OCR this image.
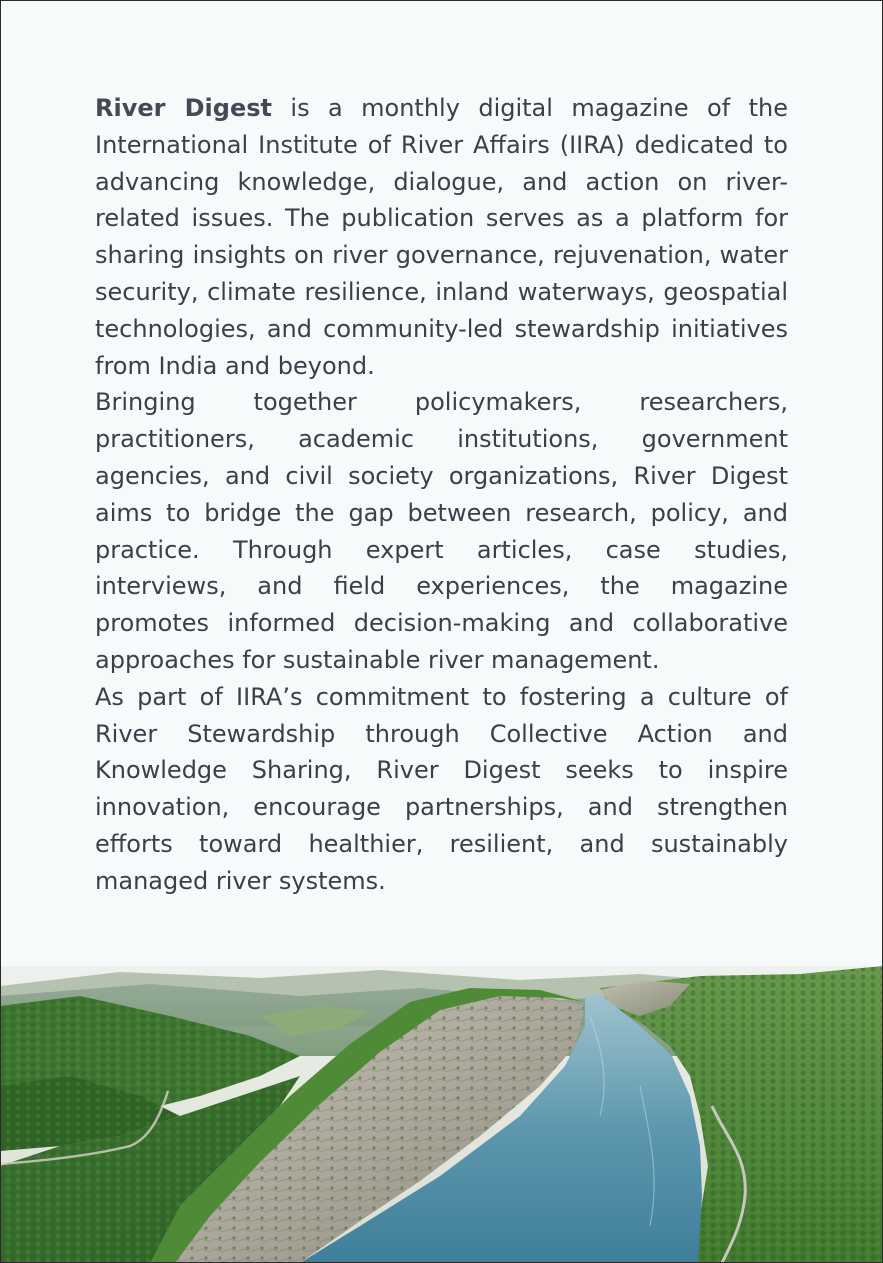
River Digest is a monthly digital magazine of the International Institute of River Affairs (IIRA) dedicated to advancing knowledge, dialogue, and action on river-related issues. The publication serves as a platform for sharing insights on river governance, rejuvenation, water security, climate resilience, inland waterways, geospatial technologies, and community-led stewardship initiatives from India and beyond.

Bringing together policymakers, researchers, practitioners, academic institutions, government agencies, and civil society organizations, River Digest aims to bridge the gap between research, policy, and practice. Through expert articles, case studies, interviews, and field experiences, the magazine promotes informed decision-making and collaborative approaches for sustainable river management.

As part of IIRA’s commitment to fostering a culture of River Stewardship through Collective Action and Knowledge Sharing, River Digest seeks to inspire innovation, encourage partnerships, and strengthen efforts toward healthier, resilient, and sustainably managed river systems.
